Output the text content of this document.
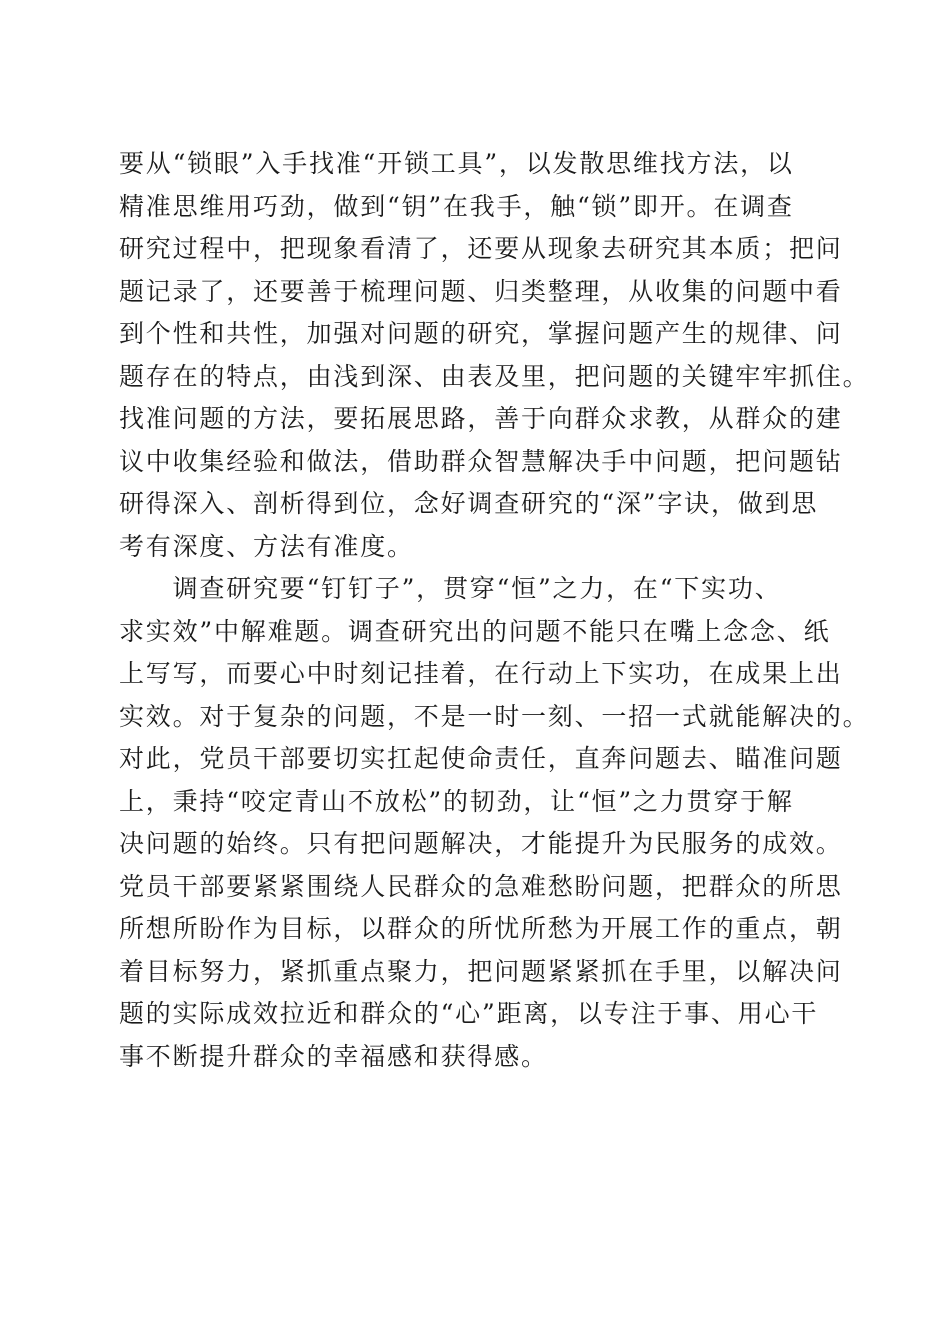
要从“锁眼”入手找准“开锁工具”，以发散思维找方法，以
精准思维用巧劲，做到“钥”在我手，触“锁”即开。在调查
研究过程中，把现象看清了，还要从现象去研究其本质；把问
题记录了，还要善于梳理问题、归类整理，从收集的问题中看
到个性和共性，加强对问题的研究，掌握问题产生的规律、问
题存在的特点，由浅到深、由表及里，把问题的关键牢牢抓住。
找准问题的方法，要拓展思路，善于向群众求教，从群众的建
议中收集经验和做法，借助群众智慧解决手中问题，把问题钻
研得深入、剖析得到位，念好调查研究的“深”字诀，做到思
考有深度、方法有准度。
　　调查研究要“钉钉子”，贯穿“恒”之力，在“下实功、
求实效”中解难题。调查研究出的问题不能只在嘴上念念、纸
上写写，而要心中时刻记挂着，在行动上下实功，在成果上出
实效。对于复杂的问题，不是一时一刻、一招一式就能解决的。
对此，党员干部要切实扛起使命责任，直奔问题去、瞄准问题
上，秉持“咬定青山不放松”的韧劲，让“恒”之力贯穿于解
决问题的始终。只有把问题解决，才能提升为民服务的成效。
党员干部要紧紧围绕人民群众的急难愁盼问题，把群众的所思
所想所盼作为目标，以群众的所忧所愁为开展工作的重点，朝
着目标努力，紧抓重点聚力，把问题紧紧抓在手里，以解决问
题的实际成效拉近和群众的“心”距离，以专注于事、用心干
事不断提升群众的幸福感和获得感。
